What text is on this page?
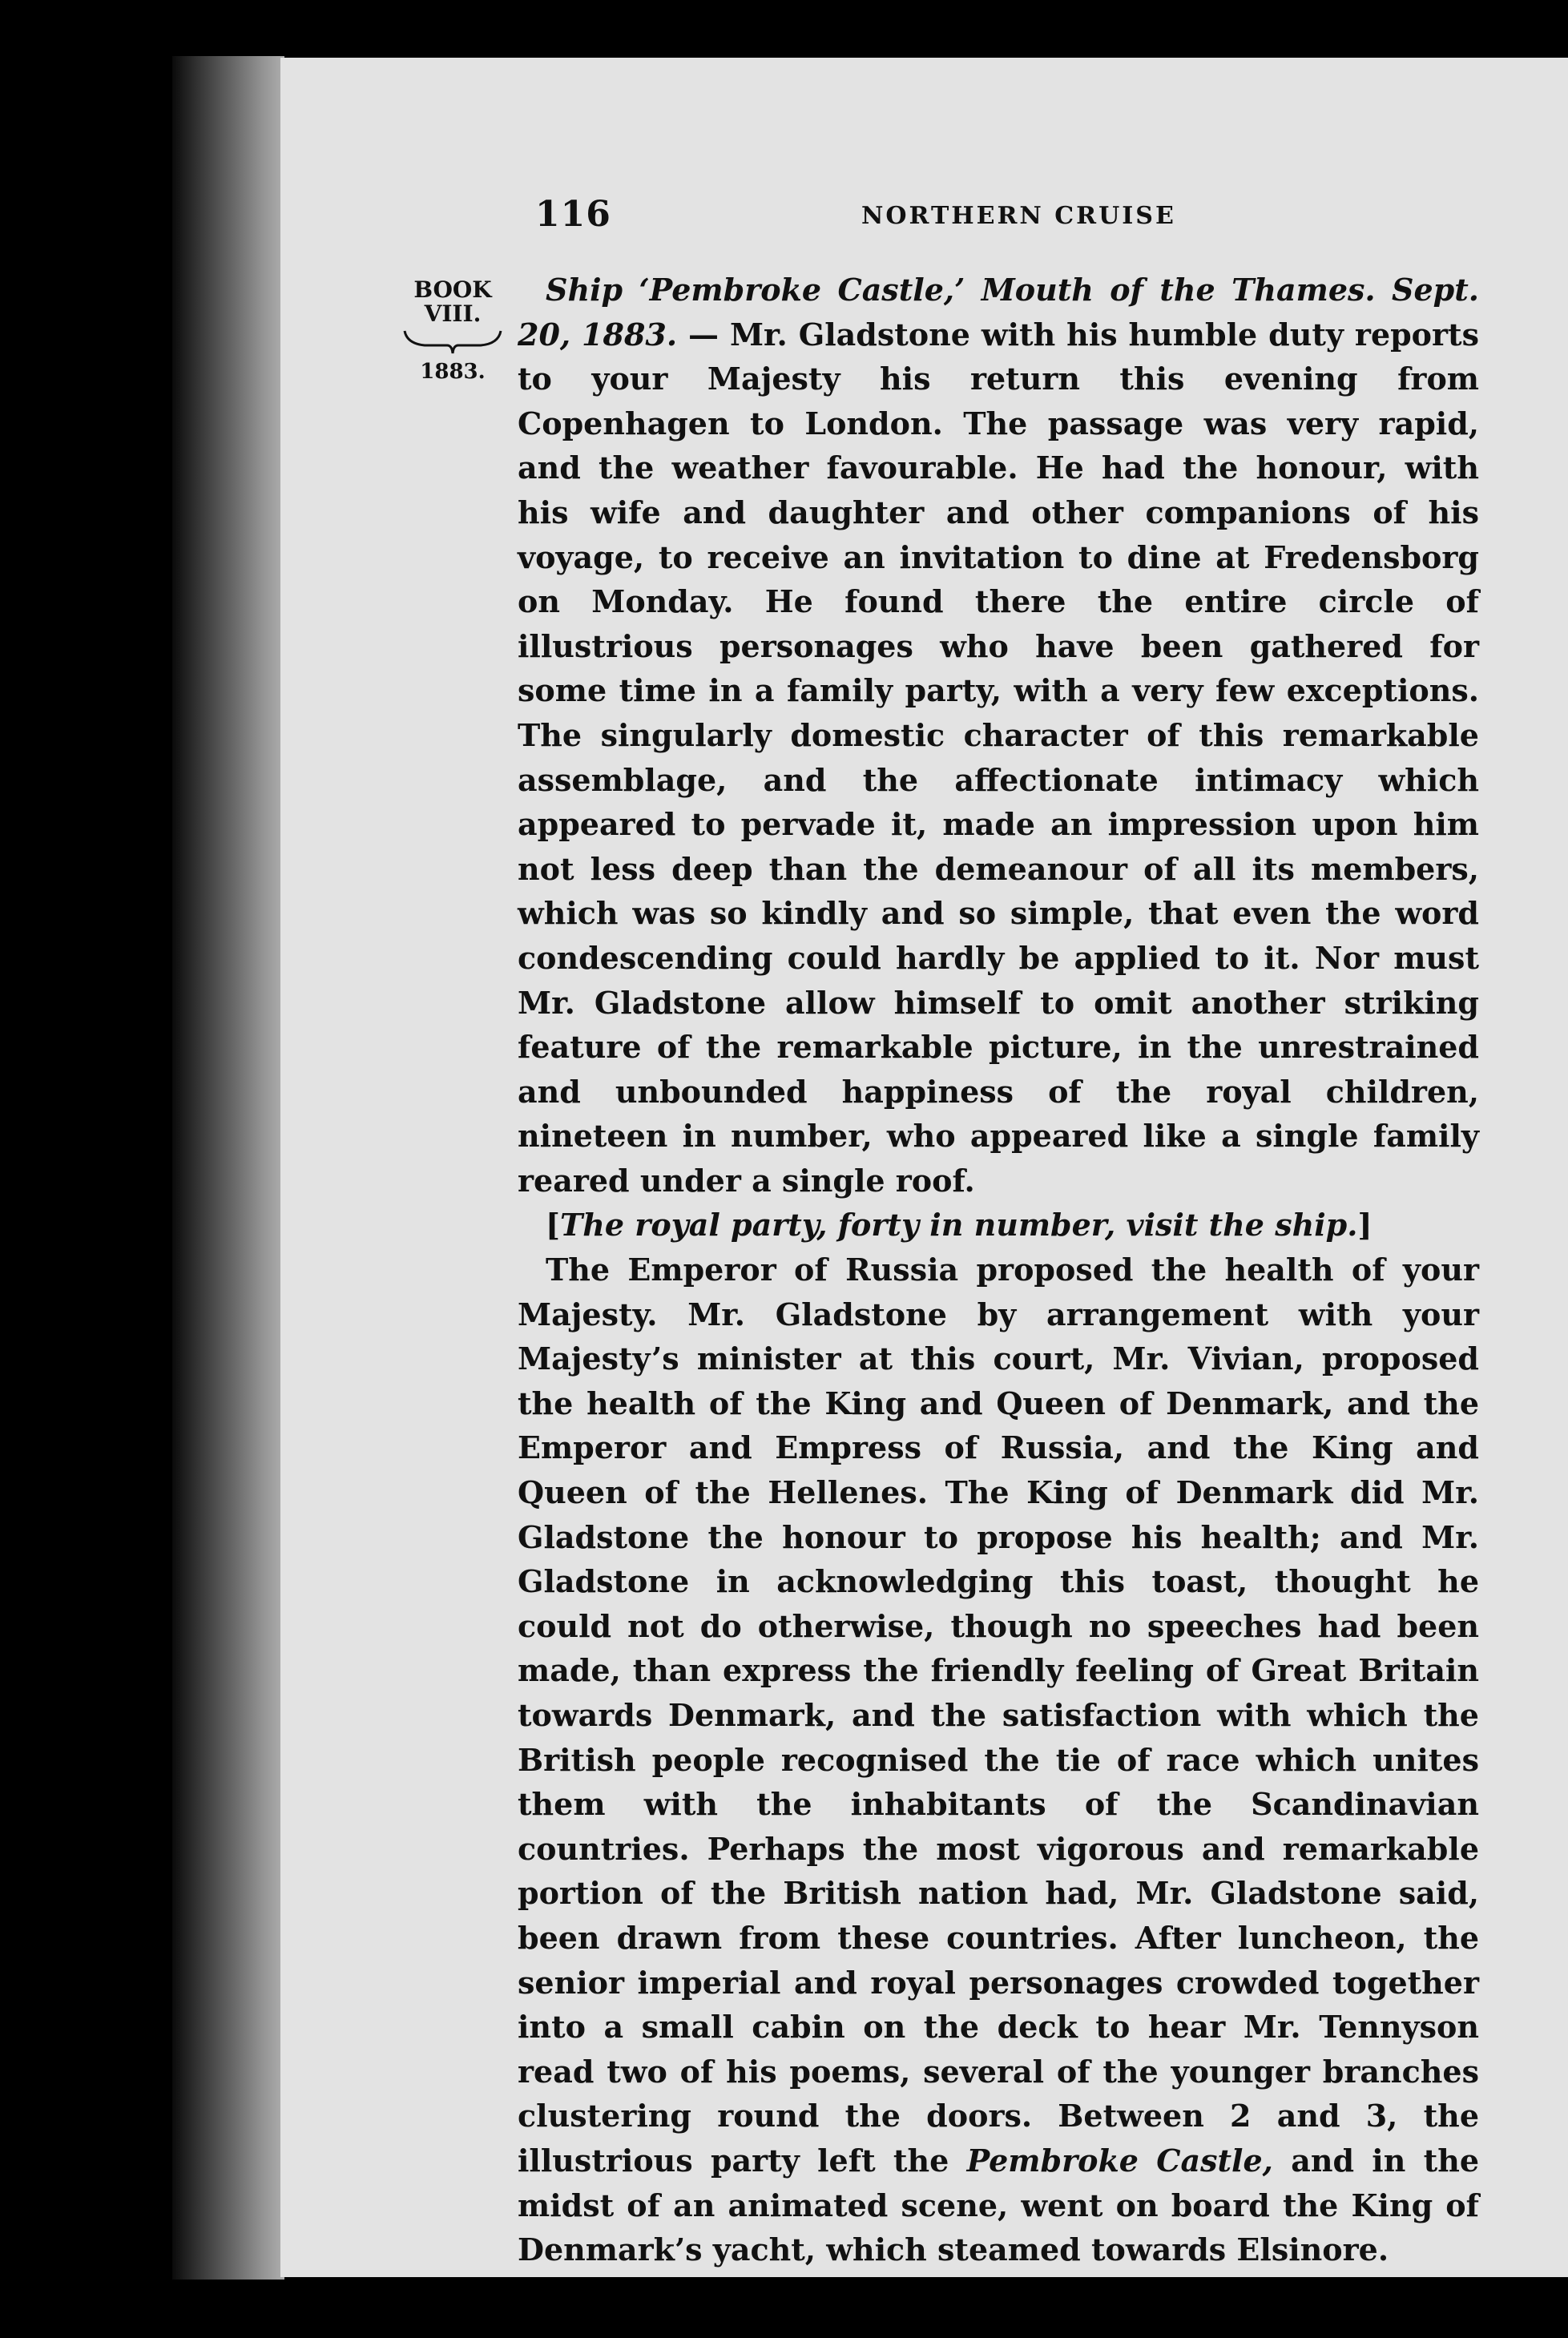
116	NORTHERN CRUISE
BOOK
VIII.
1883.

Ship ‘Pembroke Castle,’ Mouth of the Thames. Sept. 20, 1883. — Mr. Gladstone with his humble duty reports to your Majesty his return this evening from Copenhagen to London. The passage was very rapid, and the weather favourable. He had the honour, with his wife and daughter and other companions of his voyage, to receive an invitation to dine at Fredensborg on Monday. He found there the entire circle of illustrious personages who have been gathered for some time in a family party, with a very few exceptions. The singularly domestic character of this remarkable assemblage, and the affectionate intimacy which appeared to pervade it, made an impression upon him not less deep than the demeanour of all its members, which was so kindly and so simple, that even the word condescending could hardly be applied to it. Nor must Mr. Gladstone allow himself to omit another striking feature of the remarkable picture, in the unrestrained and unbounded happiness of the royal children, nineteen in number, who appeared like a single family reared under a single roof.

[The royal party, forty in number, visit the ship.]

The Emperor of Russia proposed the health of your Majesty. Mr. Gladstone by arrangement with your Majesty’s minister at this court, Mr. Vivian, proposed the health of the King and Queen of Denmark, and the Emperor and Empress of Russia, and the King and Queen of the Hellenes. The King of Denmark did Mr. Gladstone the honour to propose his health; and Mr. Gladstone in acknowledging this toast, thought he could not do otherwise, though no speeches had been made, than express the friendly feeling of Great Britain towards Denmark, and the satisfaction with which the British people recognised the tie of race which unites them with the inhabitants of the Scandinavian countries. Perhaps the most vigorous and remarkable portion of the British nation had, Mr. Gladstone said, been drawn from these countries. After luncheon, the senior imperial and royal personages crowded together into a small cabin on the deck to hear Mr. Tennyson read two of his poems, several of the younger branches clustering round the doors. Between 2 and 3, the illustrious party left the Pembroke Castle, and in the midst of an animated scene, went on board the King of Denmark’s yacht, which steamed towards Elsinore.
